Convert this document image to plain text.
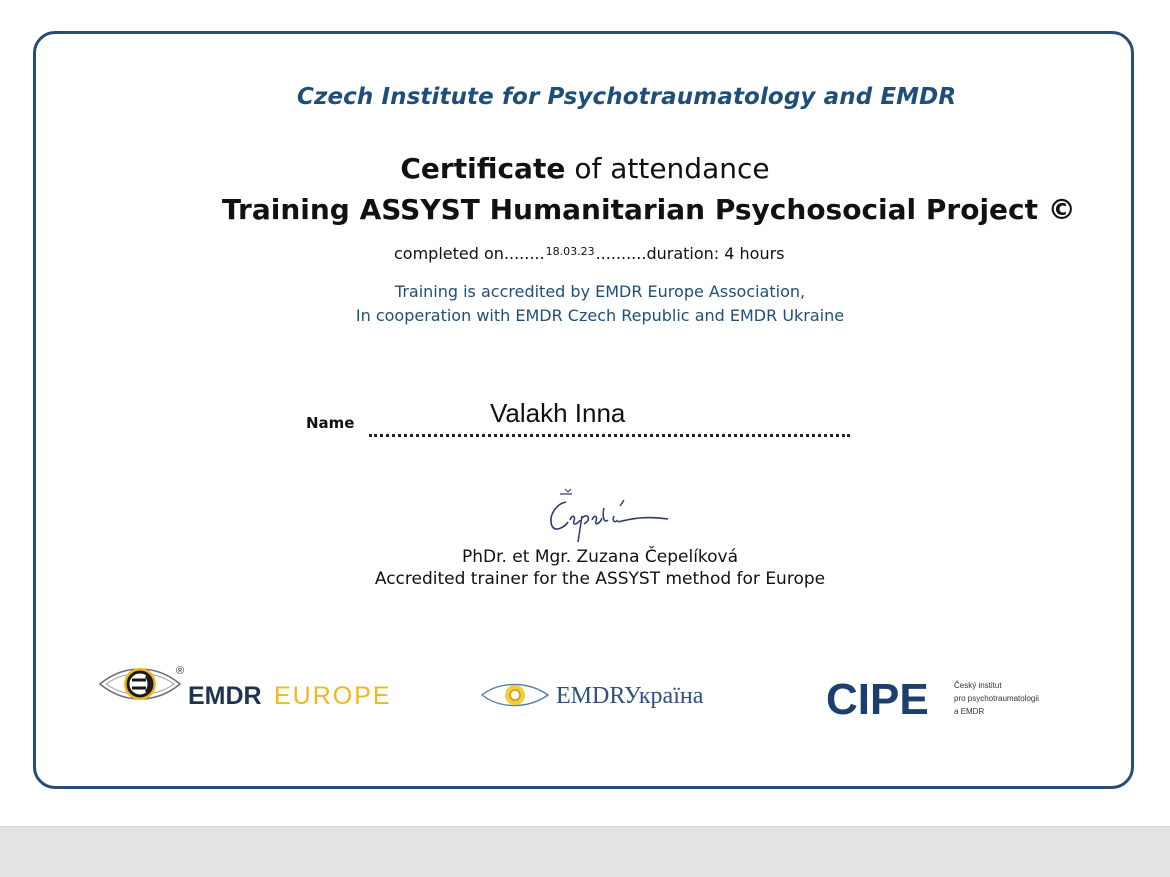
Czech Institute for Psychotraumatology and EMDR
Certificate of attendance
Training ASSYST Humanitarian Psychosocial Project ©
completed on........$^{18.03.23}$..........duration: 4 hours
Training is accredited by EMDR Europe Association,
In cooperation with EMDR Czech Republic and EMDR Ukraine
Name	Valakh Inna
PhDr. et Mgr. Zuzana Čepelíková
Accredited trainer for the ASSYST method for Europe
®
EMDR EUROPE	EMDR
Україна	CIPE	Český institut
pro psychotraumatologii
a EMDR
